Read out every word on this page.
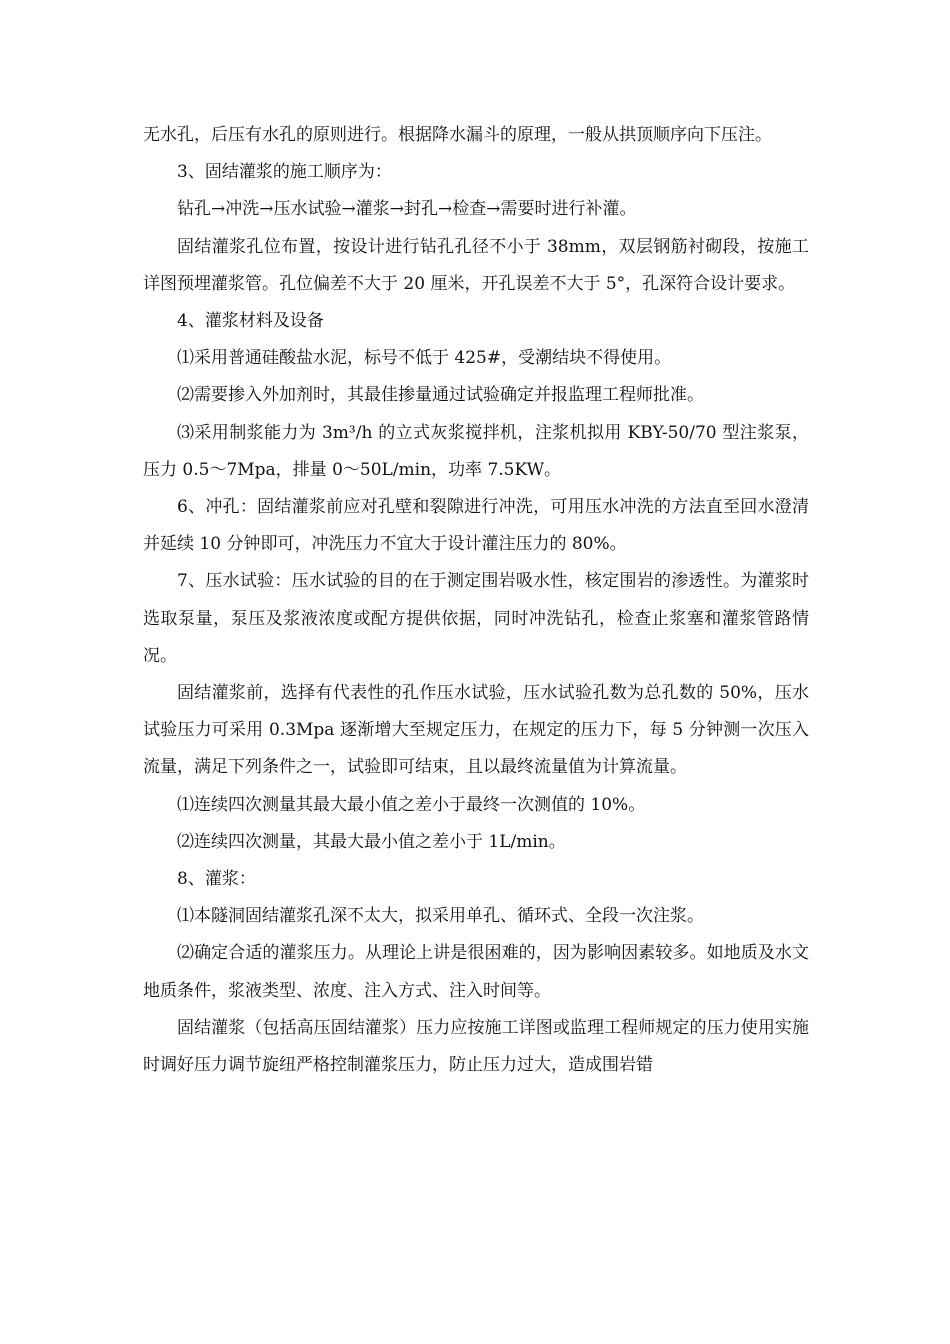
无水孔，后压有水孔的原则进行。根据降水漏斗的原理，一般从拱顶顺序向下压注。

3、固结灌浆的施工顺序为：

钻孔→冲洗→压水试验→灌浆→封孔→检查→需要时进行补灌。

固结灌浆孔位布置，按设计进行钻孔孔径不小于 38mm，双层钢筋衬砌段，按施工详图预埋灌浆管。孔位偏差不大于 20 厘米，开孔误差不大于 5°，孔深符合设计要求。

4、灌浆材料及设备

⑴采用普通硅酸盐水泥，标号不低于 425#，受潮结块不得使用。

⑵需要掺入外加剂时，其最佳掺量通过试验确定并报监理工程师批准。

⑶采用制浆能力为 3m³/h 的立式灰浆搅拌机，注浆机拟用 KBY-50/70 型注浆泵，压力 0.5～7Mpa，排量 0～50L/min，功率 7.5KW。

6、冲孔：固结灌浆前应对孔壁和裂隙进行冲洗，可用压水冲洗的方法直至回水澄清并延续 10 分钟即可，冲洗压力不宜大于设计灌注压力的 80%。

7、压水试验：压水试验的目的在于测定围岩吸水性，核定围岩的渗透性。为灌浆时选取泵量，泵压及浆液浓度或配方提供依据，同时冲洗钻孔，检查止浆塞和灌浆管路情况。

固结灌浆前，选择有代表性的孔作压水试验，压水试验孔数为总孔数的 50%，压水试验压力可采用 0.3Mpa 逐渐增大至规定压力，在规定的压力下，每 5 分钟测一次压入流量，满足下列条件之一，试验即可结束，且以最终流量值为计算流量。

⑴连续四次测量其最大最小值之差小于最终一次测值的 10%。

⑵连续四次测量，其最大最小值之差小于 1L/min。

8、灌浆：

⑴本隧洞固结灌浆孔深不太大，拟采用单孔、循环式、全段一次注浆。

⑵确定合适的灌浆压力。从理论上讲是很困难的，因为影响因素较多。如地质及水文地质条件，浆液类型、浓度、注入方式、注入时间等。

固结灌浆（包括高压固结灌浆）压力应按施工详图或监理工程师规定的压力使用实施时调好压力调节旋纽严格控制灌浆压力，防止压力过大，造成围岩错
